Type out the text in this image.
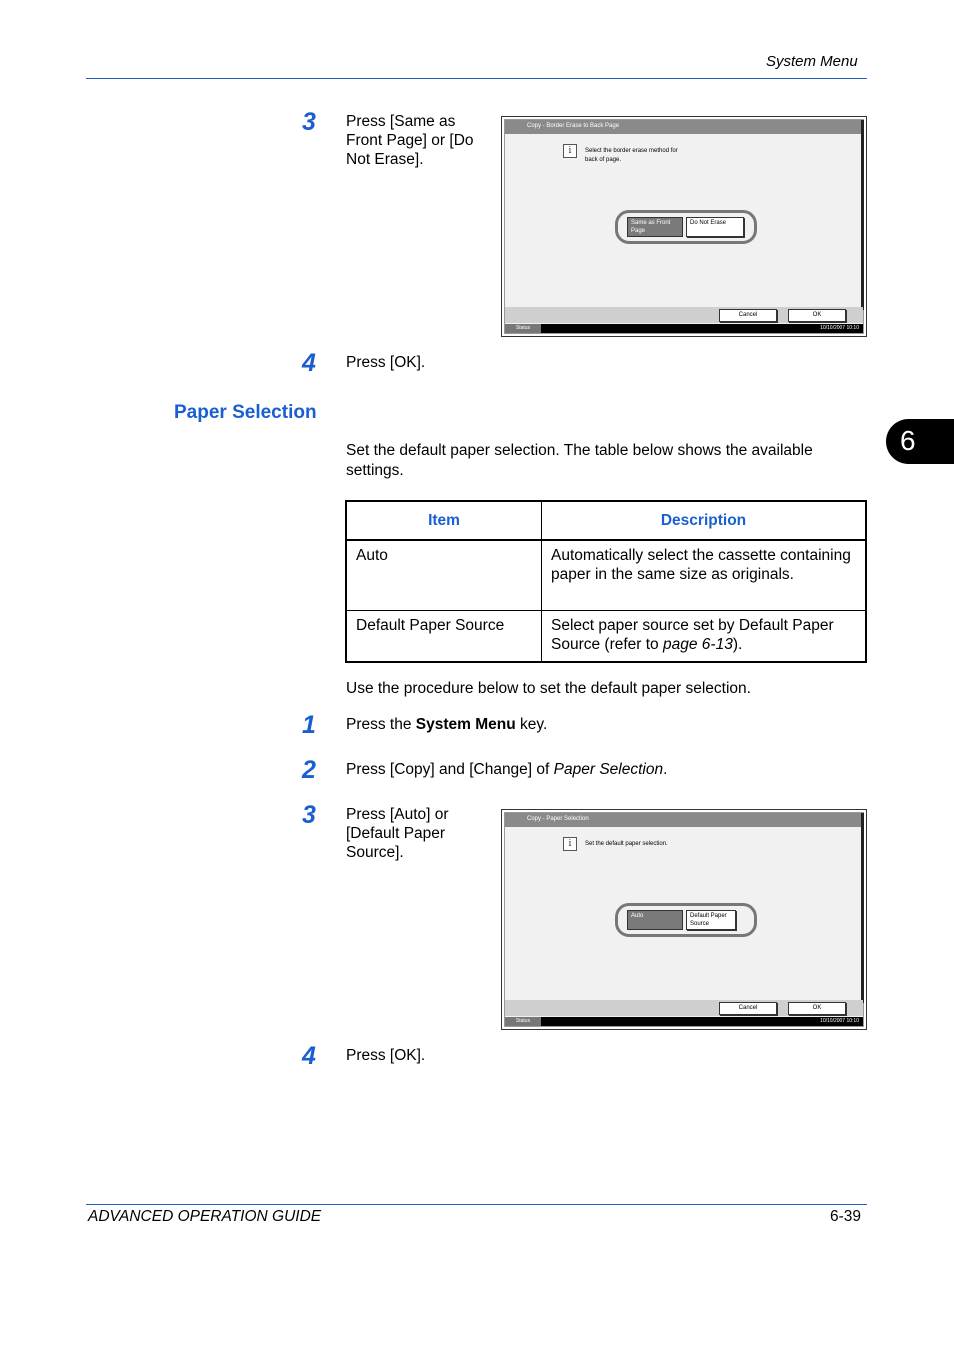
System Menu
6
3 Press [Same as Front Page] or [Do Not Erase].
Copy - Border Erase to Back Page
i	Select the border erase method for back of page.
Same as Front Page
Do Not Erase
Cancel	OK
Status	10/10/2007 10:10
4 Press [OK].
Paper Selection
Set the default paper selection. The table below shows the available settings.
Item	Description
Auto	Automatically select the cassette containing paper in the same size as originals.
Default Paper Source	Select paper source set by Default Paper Source (refer to page 6-13).
Use the procedure below to set the default paper selection.
1 Press the System Menu key.
2 Press [Copy] and [Change] of Paper Selection.
3 Press [Auto] or [Default Paper Source].
Copy - Paper Selection
i	Set the default paper selection.
Auto	Default Paper Source
Cancel	OK
Status	10/10/2007 10:10
4 Press [OK].
ADVANCED OPERATION GUIDE	6-39
